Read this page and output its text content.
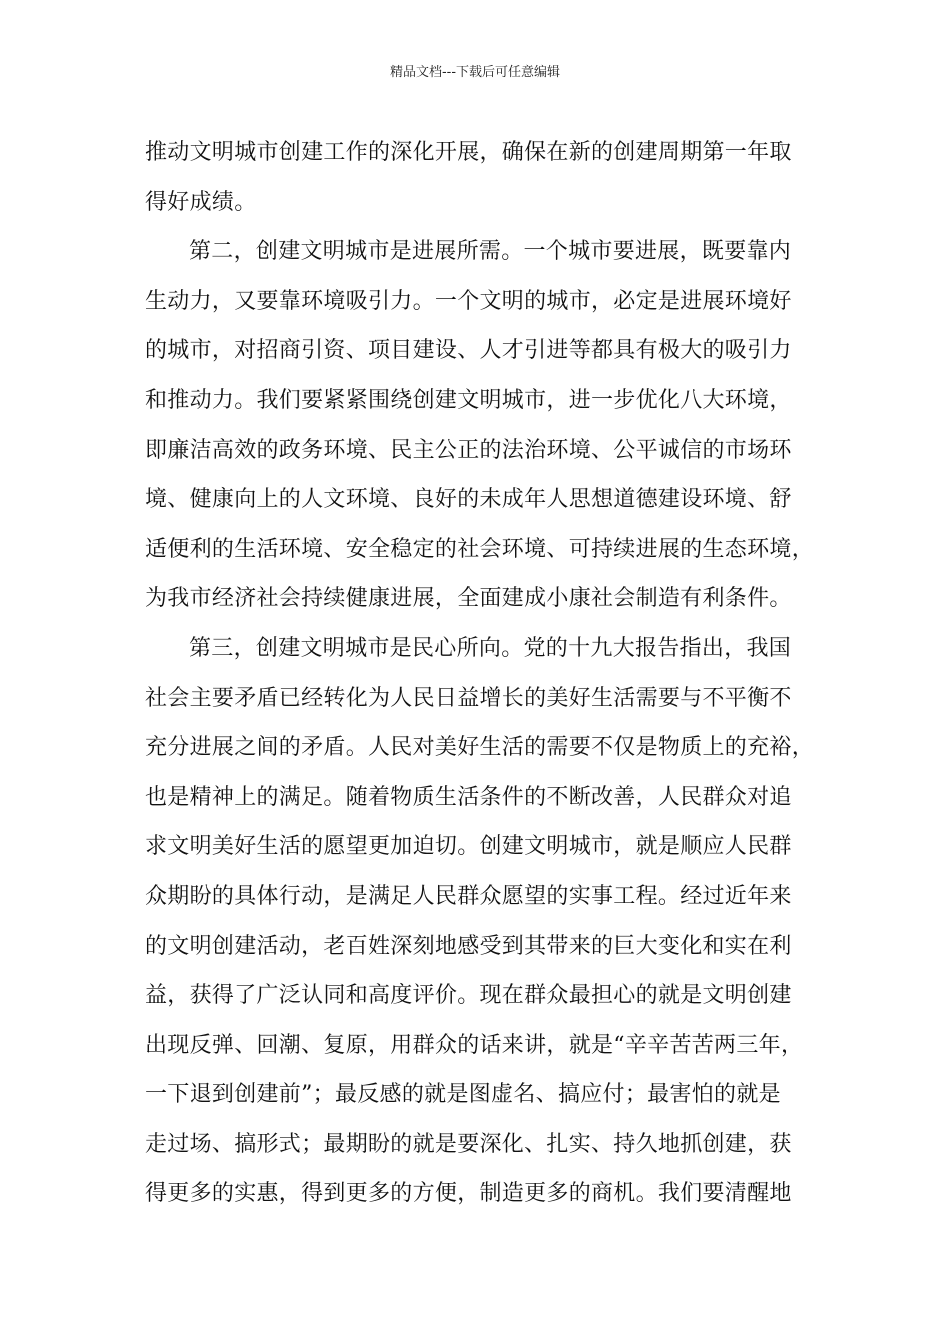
精品文档---下载后可任意编辑
推动文明城市创建工作的深化开展，确保在新的创建周期第一年取
得好成绩。
第二，创建文明城市是进展所需。一个城市要进展，既要靠内
生动力，又要靠环境吸引力。一个文明的城市，必定是进展环境好
的城市，对招商引资、项目建设、人才引进等都具有极大的吸引力
和推动力。我们要紧紧围绕创建文明城市，进一步优化八大环境，
即廉洁高效的政务环境、民主公正的法治环境、公平诚信的市场环
境、健康向上的人文环境、良好的未成年人思想道德建设环境、舒
适便利的生活环境、安全稳定的社会环境、可持续进展的生态环境，
为我市经济社会持续健康进展，全面建成小康社会制造有利条件。
第三，创建文明城市是民心所向。党的十九大报告指出，我国
社会主要矛盾已经转化为人民日益增长的美好生活需要与不平衡不
充分进展之间的矛盾。人民对美好生活的需要不仅是物质上的充裕，
也是精神上的满足。随着物质生活条件的不断改善，人民群众对追
求文明美好生活的愿望更加迫切。创建文明城市，就是顺应人民群
众期盼的具体行动，是满足人民群众愿望的实事工程。经过近年来
的文明创建活动，老百姓深刻地感受到其带来的巨大变化和实在利
益，获得了广泛认同和高度评价。现在群众最担心的就是文明创建
出现反弹、回潮、复原，用群众的话来讲，就是“辛辛苦苦两三年，
一下退到创建前”；最反感的就是图虚名、搞应付；最害怕的就是
走过场、搞形式；最期盼的就是要深化、扎实、持久地抓创建，获
得更多的实惠，得到更多的方便，制造更多的商机。我们要清醒地
